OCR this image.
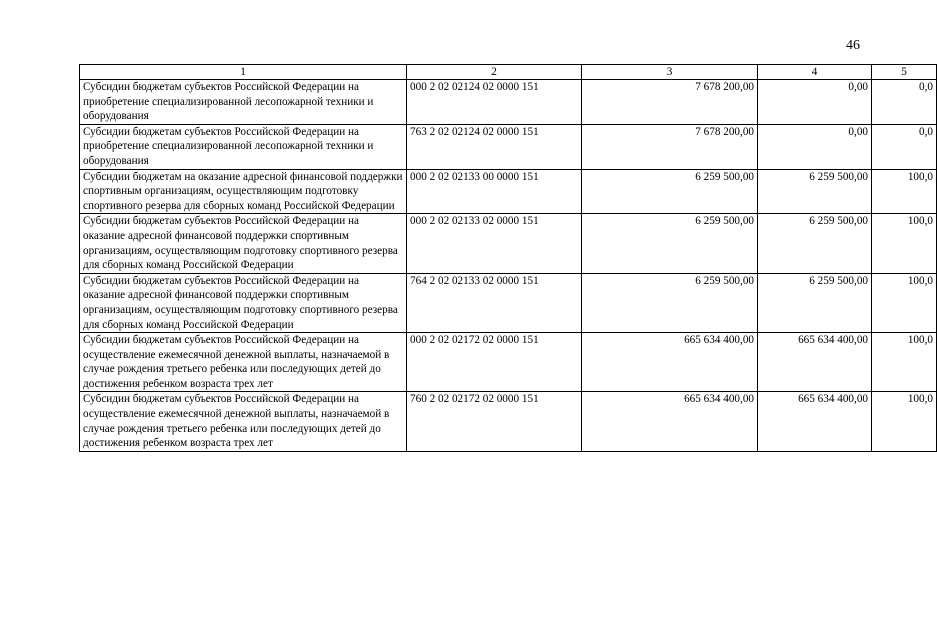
46
1	2	3	4	5
Субсидии бюджетам субъектов Российской Федерации на приобретение специализированной лесопожарной техники и оборудования	000 2 02 02124 02 0000 151	7 678 200,00	0,00	0,0
Субсидии бюджетам субъектов Российской Федерации на приобретение специализированной лесопожарной техники и оборудования	763 2 02 02124 02 0000 151	7 678 200,00	0,00	0,0
Субсидии бюджетам на оказание адресной финансовой поддержки спортивным организациям, осуществляющим подготовку спортивного резерва для сборных команд Российской Федерации	000 2 02 02133 00 0000 151	6 259 500,00	6 259 500,00	100,0
Субсидии бюджетам субъектов Российской Федерации на оказание адресной финансовой поддержки спортивным организациям, осуществляющим подготовку спортивного резерва для сборных команд Российской Федерации	000 2 02 02133 02 0000 151	6 259 500,00	6 259 500,00	100,0
Субсидии бюджетам субъектов Российской Федерации на оказание адресной финансовой поддержки спортивным организациям, осуществляющим подготовку спортивного резерва для сборных команд Российской Федерации	764 2 02 02133 02 0000 151	6 259 500,00	6 259 500,00	100,0
Субсидии бюджетам субъектов Российской Федерации на осуществление ежемесячной денежной выплаты, назначаемой в случае рождения третьего ребенка или последующих детей до достижения ребенком возраста трех лет	000 2 02 02172 02 0000 151	665 634 400,00	665 634 400,00	100,0
Субсидии бюджетам субъектов Российской Федерации на осуществление ежемесячной денежной выплаты, назначаемой в случае рождения третьего ребенка или последующих детей до достижения ребенком возраста трех лет	760 2 02 02172 02 0000 151	665 634 400,00	665 634 400,00	100,0
